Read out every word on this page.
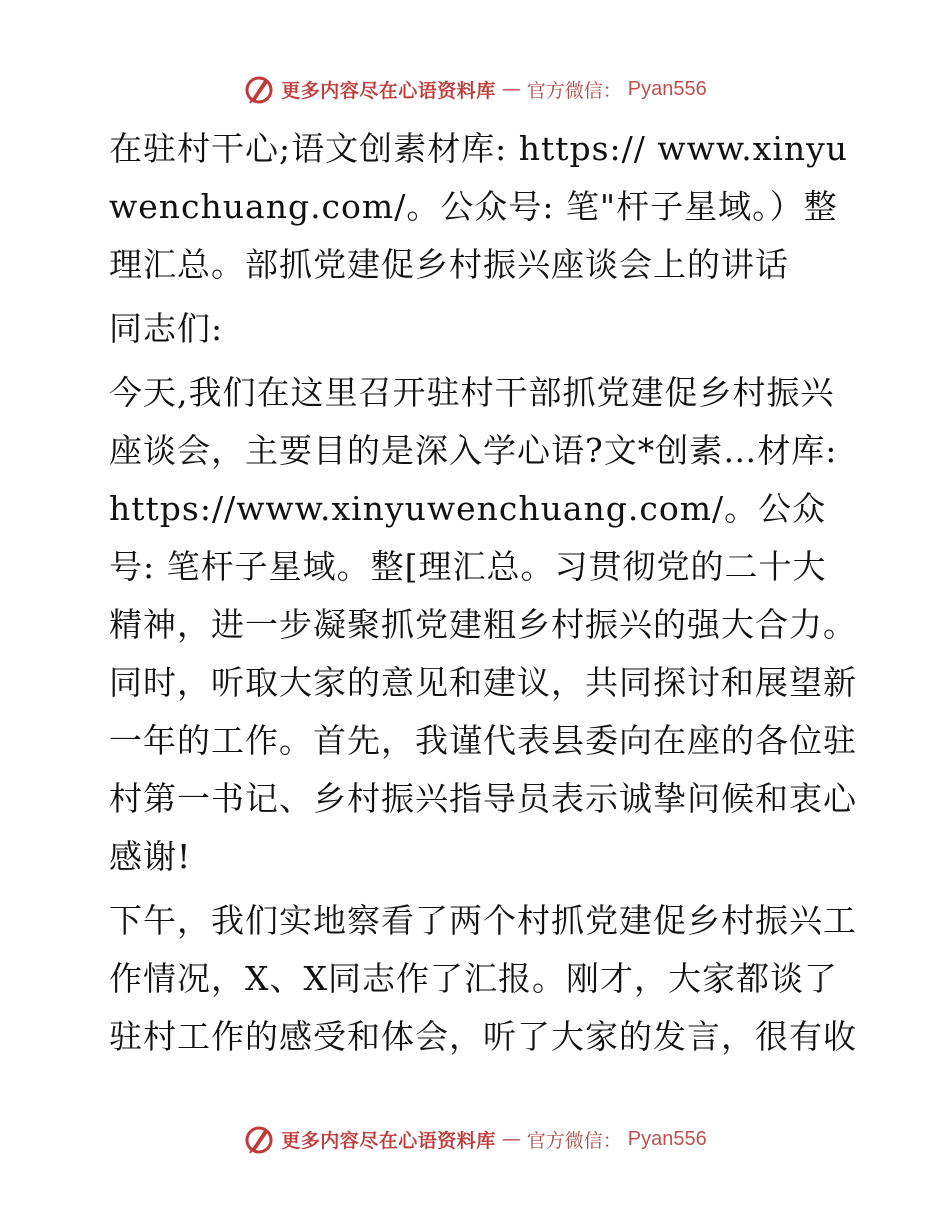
更多内容尽在心语资料库 — 官方微信： Pyan556

在驻村干心;语文创素材库: https:// www.xinyuwenchuang.com/。公众号: 笔"杆子星域。）整理汇总。部抓党建促乡村振兴座谈会上的讲话

同志们:

今天,我们在这里召开驻村干部抓党建促乡村振兴座谈会，主要目的是深入学心语?文*创素…材库: https://www.xinyuwenchuang.com/。公众号: 笔杆子星域。整[理汇总。习贯彻党的二十大精神，进一步凝聚抓党建粗乡村振兴的强大合力。同时，听取大家的意见和建议，共同探讨和展望新一年的工作。首先，我谨代表县委向在座的各位驻村第一书记、乡村振兴指导员表示诚挚问候和衷心感谢!

下午，我们实地察看了两个村抓党建促乡村振兴工作情况，X、X同志作了汇报。刚才，大家都谈了驻村工作的感受和体会，听了大家的发言，很有收

更多内容尽在心语资料库 — 官方微信： Pyan556
